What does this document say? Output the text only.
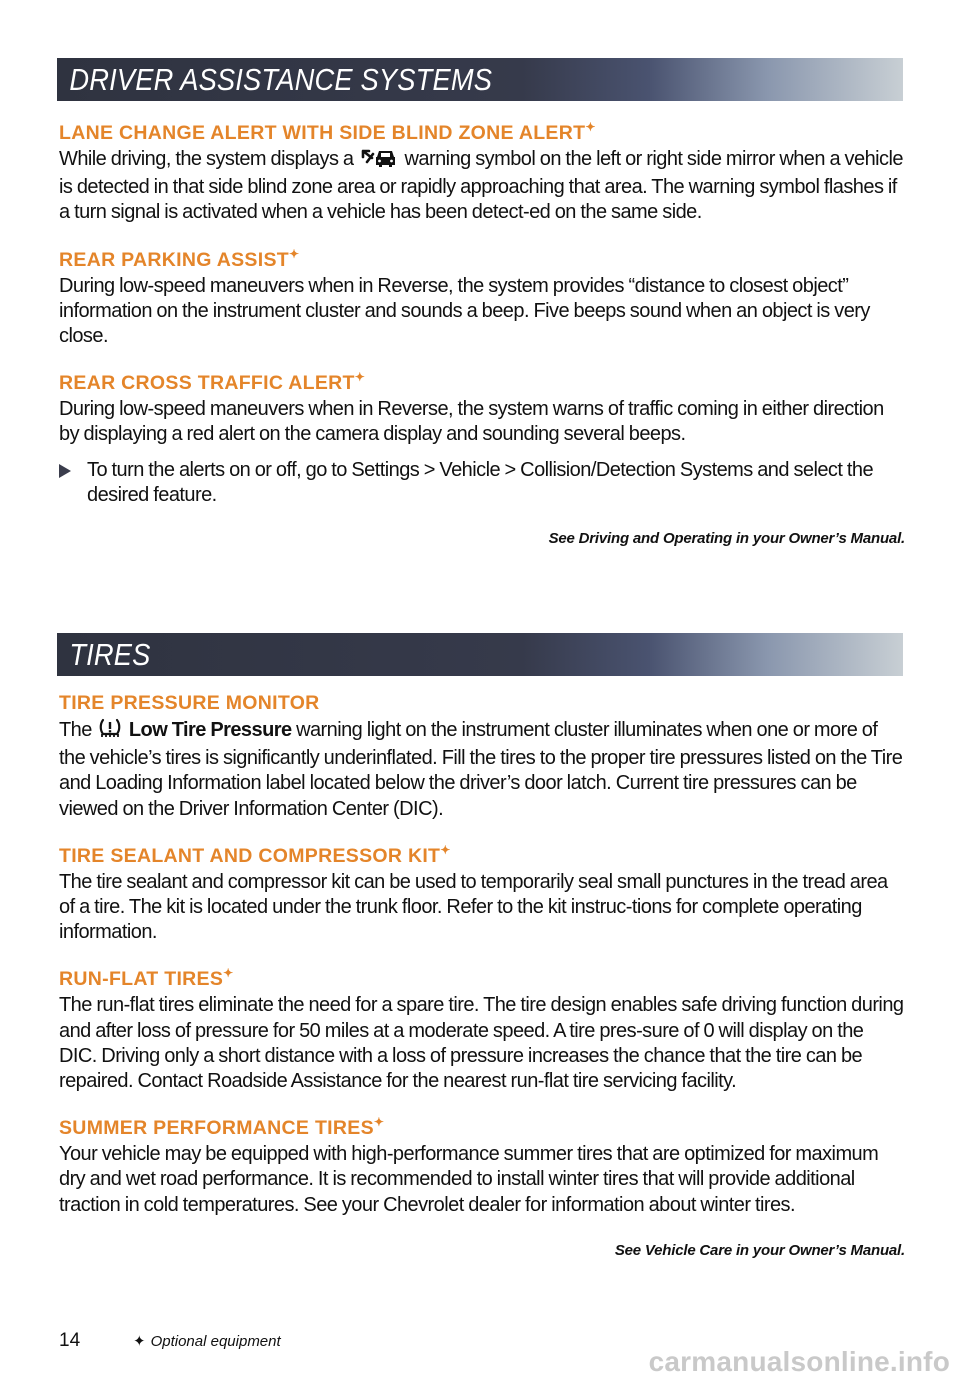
DRIVER ASSISTANCE SYSTEMS
LANE CHANGE ALERT WITH SIDE BLIND ZONE ALERT✦

While driving, the system displays a	warning symbol on the left or right side mirror when a vehicle is detected in that side blind zone area or rapidly approaching that area. The warning symbol flashes if a turn signal is activated when a vehicle has been detect-ed on the same side.

REAR PARKING ASSIST✦

During low-speed maneuvers when in Reverse, the system provides “distance to closest object” information on the instrument cluster and sounds a beep. Five beeps sound when an object is very close.

REAR CROSS TRAFFIC ALERT✦

During low-speed maneuvers when in Reverse, the system warns of traffic coming in either direction by displaying a red alert on the camera display and sounding several beeps.

To turn the alerts on or off, go to Settings > Vehicle > Collision/Detection Systems and select the desired feature.
See Driving and Operating in your Owner’s Manual.
TIRES
TIRE PRESSURE MONITOR

The Low Tire Pressure warning light on the instrument cluster illuminates when one or more of the vehicle’s tires is significantly underinflated. Fill the tires to the proper tire pressures listed on the Tire and Loading Information label located below the driver’s door latch. Current tire pressures can be viewed on the Driver Information Center (DIC).

TIRE SEALANT AND COMPRESSOR KIT✦

The tire sealant and compressor kit can be used to temporarily seal small punctures in the tread area of a tire. The kit is located under the trunk floor. Refer to the kit instruc-tions for complete operating information.

RUN-FLAT TIRES✦

The run-flat tires eliminate the need for a spare tire. The tire design enables safe driving function during and after loss of pressure for 50 miles at a moderate speed. A tire pres-sure of 0 will display on the DIC. Driving only a short distance with a loss of pressure increases the chance that the tire can be repaired. Contact Roadside Assistance for the nearest run-flat tire servicing facility.

SUMMER PERFORMANCE TIRES✦

Your vehicle may be equipped with high-performance summer tires that are optimized for maximum dry and wet road performance. It is recommended to install winter tires that will provide additional traction in cold temperatures. See your Chevrolet dealer for information about winter tires.

See Vehicle Care in your Owner’s Manual.
14	✦ Optional equipment
carmanualsonline.info
